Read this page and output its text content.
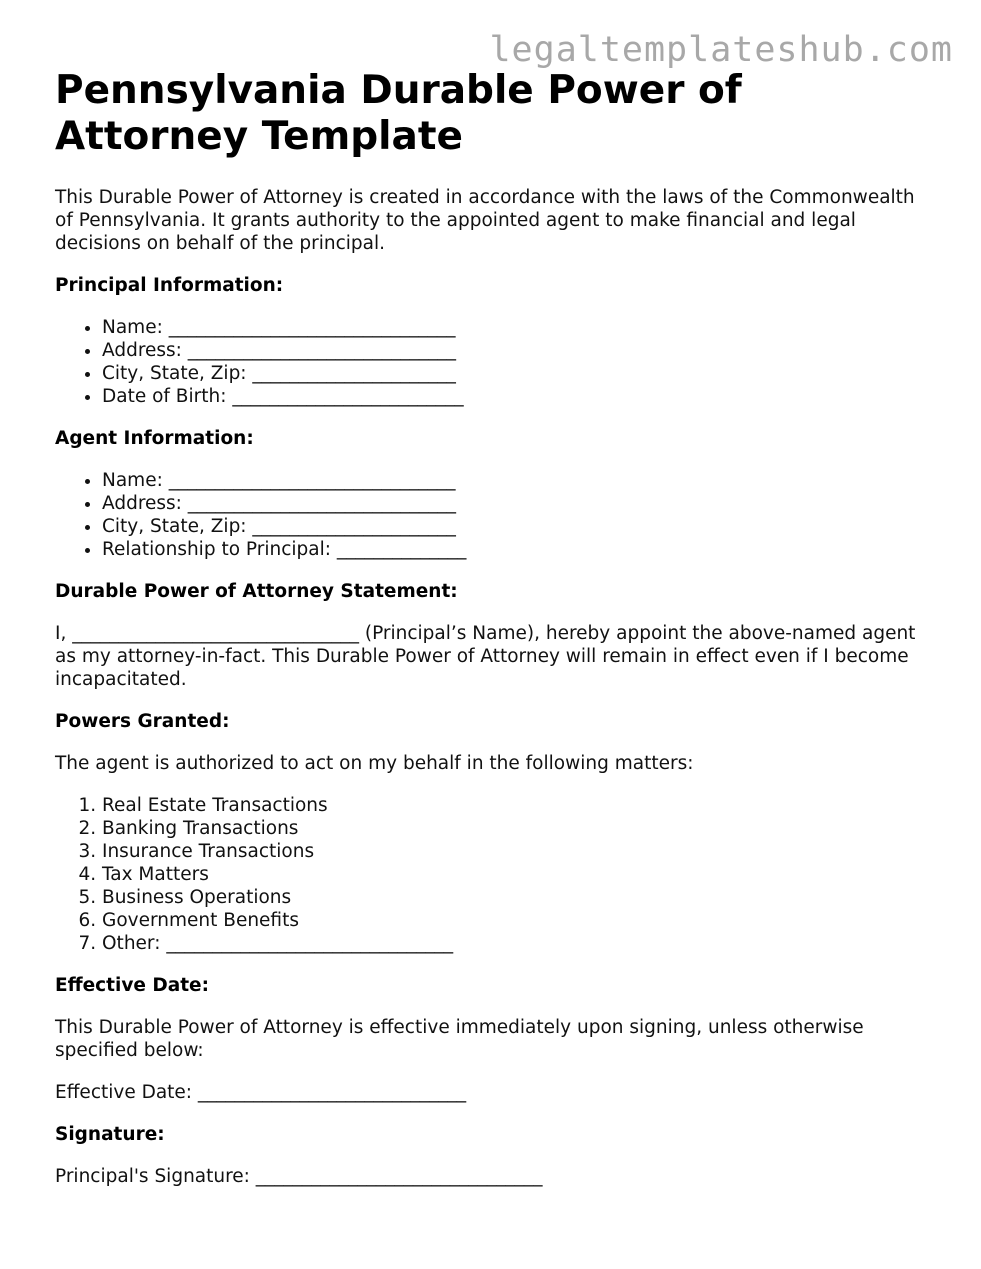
legaltemplateshub.com
Pennsylvania Durable Power of Attorney Template

This Durable Power of Attorney is created in accordance with the laws of the Commonwealth of Pennsylvania. It grants authority to the appointed agent to make financial and legal decisions on behalf of the principal.

Principal Information:
• Name: _______________________________
• Address: _____________________________
• City, State, Zip: ______________________
• Date of Birth: _________________________
Agent Information:
• Name: _______________________________
• Address: _____________________________
• City, State, Zip: ______________________
• Relationship to Principal: ______________
Durable Power of Attorney Statement:

I, _______________________________ (Principal’s Name), hereby appoint the above-named agent as my attorney-in-fact. This Durable Power of Attorney will remain in effect even if I become incapacitated.

Powers Granted:

The agent is authorized to act on my behalf in the following matters:

1. Real Estate Transactions
2. Banking Transactions
3. Insurance Transactions
4. Tax Matters
5. Business Operations
6. Government Benefits
7. Other: _______________________________
Effective Date:

This Durable Power of Attorney is effective immediately upon signing, unless otherwise specified below:

Effective Date: _____________________________

Signature:

Principal's Signature: _______________________________
